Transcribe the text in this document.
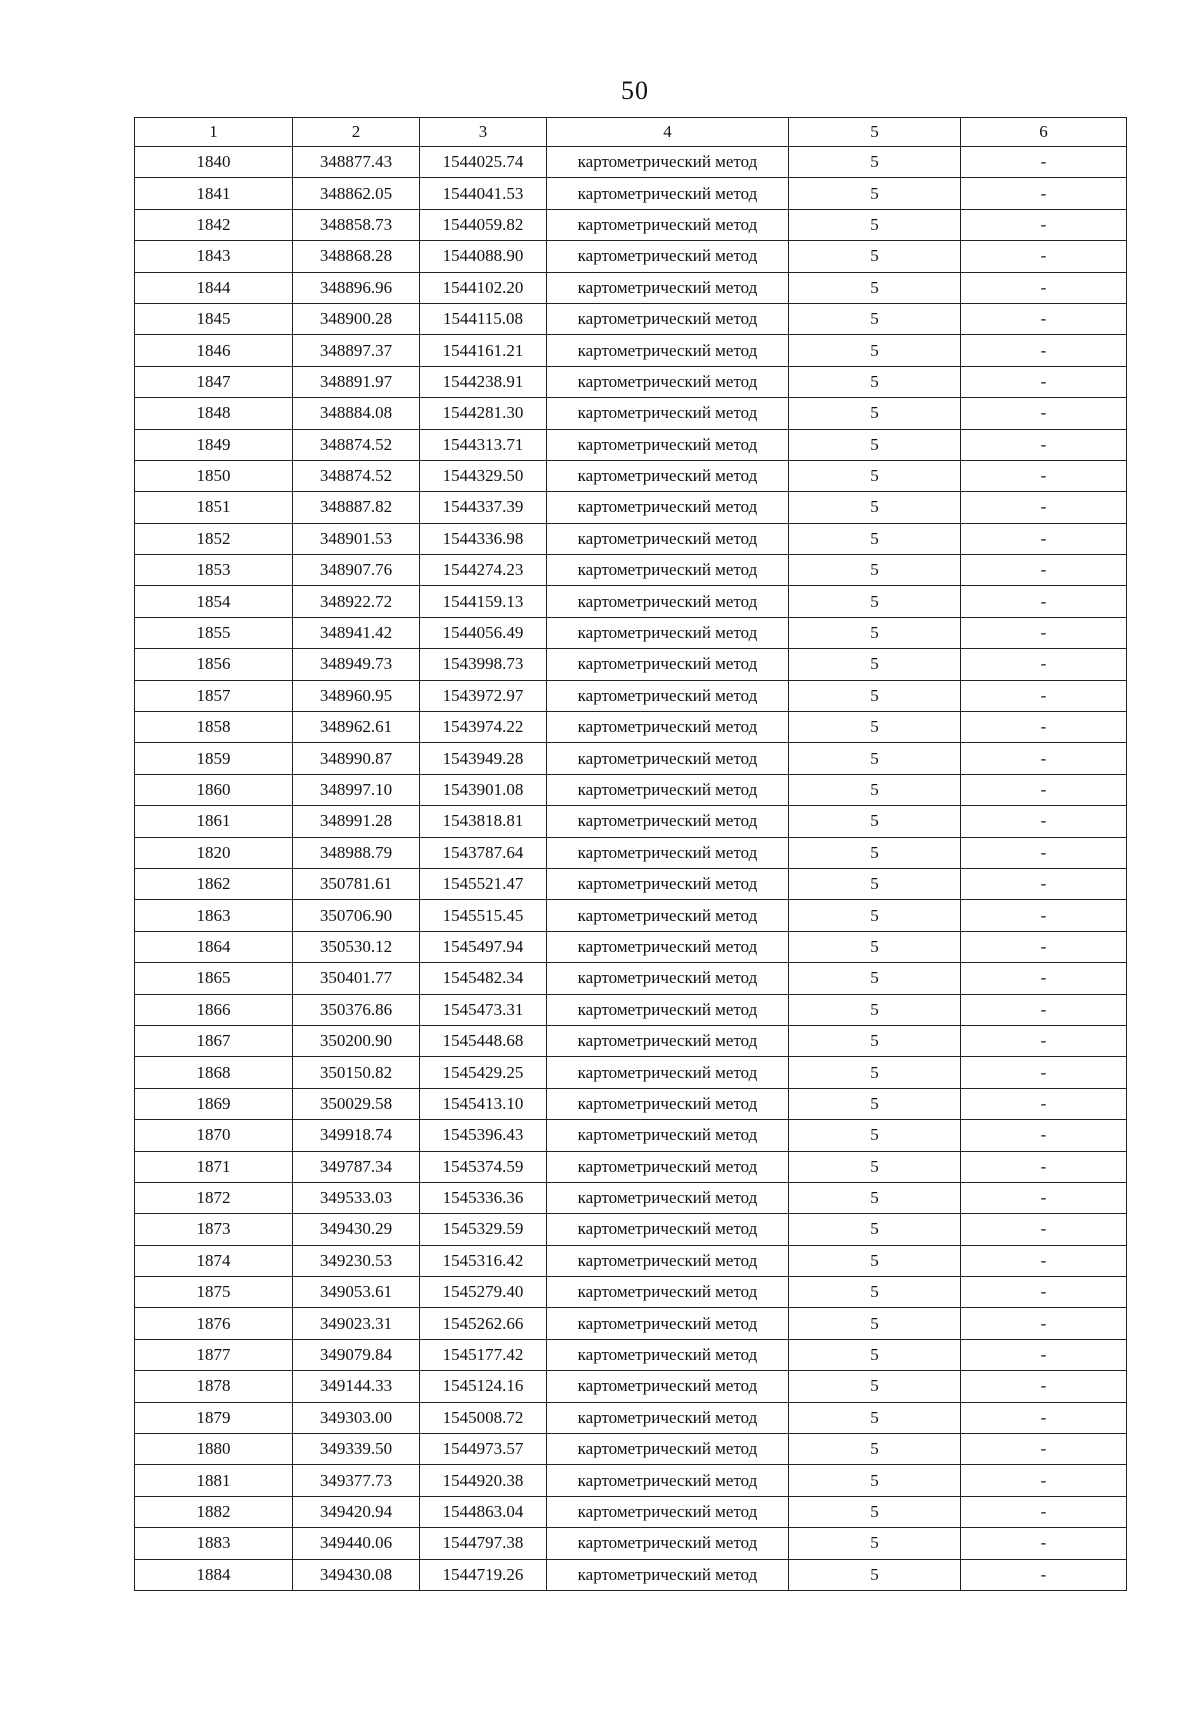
50
1	2	3	4	5	6
1840	348877.43	1544025.74	картометрический метод	5	-
1841	348862.05	1544041.53	картометрический метод	5	-
1842	348858.73	1544059.82	картометрический метод	5	-
1843	348868.28	1544088.90	картометрический метод	5	-
1844	348896.96	1544102.20	картометрический метод	5	-
1845	348900.28	1544115.08	картометрический метод	5	-
1846	348897.37	1544161.21	картометрический метод	5	-
1847	348891.97	1544238.91	картометрический метод	5	-
1848	348884.08	1544281.30	картометрический метод	5	-
1849	348874.52	1544313.71	картометрический метод	5	-
1850	348874.52	1544329.50	картометрический метод	5	-
1851	348887.82	1544337.39	картометрический метод	5	-
1852	348901.53	1544336.98	картометрический метод	5	-
1853	348907.76	1544274.23	картометрический метод	5	-
1854	348922.72	1544159.13	картометрический метод	5	-
1855	348941.42	1544056.49	картометрический метод	5	-
1856	348949.73	1543998.73	картометрический метод	5	-
1857	348960.95	1543972.97	картометрический метод	5	-
1858	348962.61	1543974.22	картометрический метод	5	-
1859	348990.87	1543949.28	картометрический метод	5	-
1860	348997.10	1543901.08	картометрический метод	5	-
1861	348991.28	1543818.81	картометрический метод	5	-
1820	348988.79	1543787.64	картометрический метод	5	-
1862	350781.61	1545521.47	картометрический метод	5	-
1863	350706.90	1545515.45	картометрический метод	5	-
1864	350530.12	1545497.94	картометрический метод	5	-
1865	350401.77	1545482.34	картометрический метод	5	-
1866	350376.86	1545473.31	картометрический метод	5	-
1867	350200.90	1545448.68	картометрический метод	5	-
1868	350150.82	1545429.25	картометрический метод	5	-
1869	350029.58	1545413.10	картометрический метод	5	-
1870	349918.74	1545396.43	картометрический метод	5	-
1871	349787.34	1545374.59	картометрический метод	5	-
1872	349533.03	1545336.36	картометрический метод	5	-
1873	349430.29	1545329.59	картометрический метод	5	-
1874	349230.53	1545316.42	картометрический метод	5	-
1875	349053.61	1545279.40	картометрический метод	5	-
1876	349023.31	1545262.66	картометрический метод	5	-
1877	349079.84	1545177.42	картометрический метод	5	-
1878	349144.33	1545124.16	картометрический метод	5	-
1879	349303.00	1545008.72	картометрический метод	5	-
1880	349339.50	1544973.57	картометрический метод	5	-
1881	349377.73	1544920.38	картометрический метод	5	-
1882	349420.94	1544863.04	картометрический метод	5	-
1883	349440.06	1544797.38	картометрический метод	5	-
1884	349430.08	1544719.26	картометрический метод	5	-
